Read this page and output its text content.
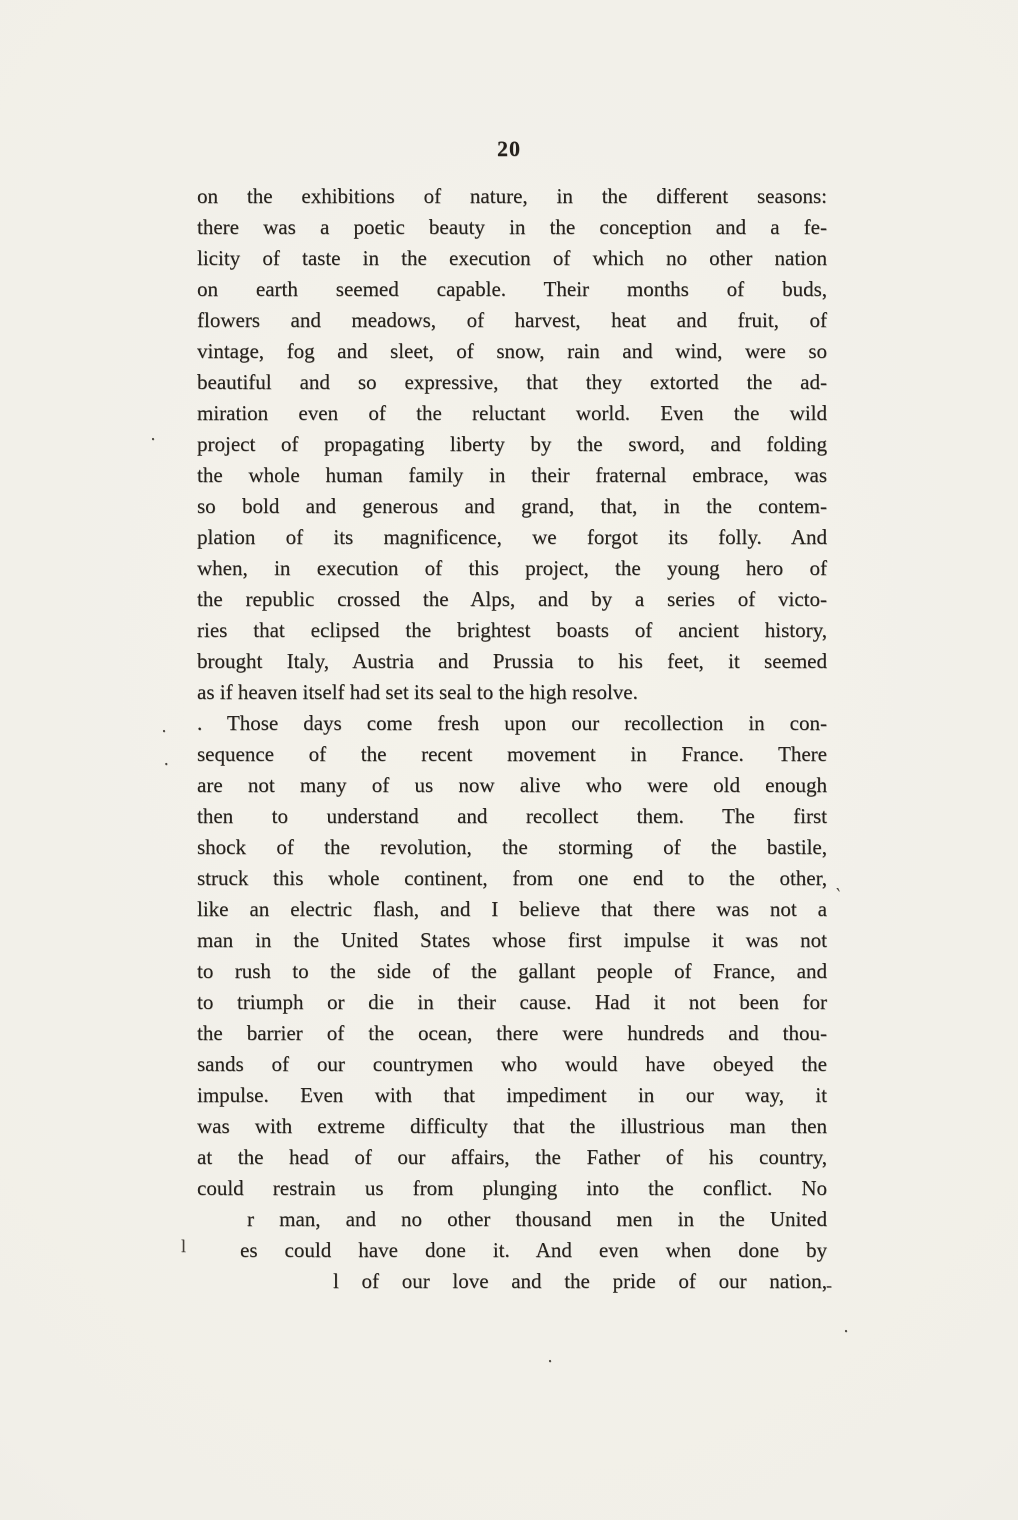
20
on the exhibitions of nature, in the different seasons:
there was a poetic beauty in the conception and a fe-
licity of taste in the execution of which no other nation
on earth seemed capable. Their months of buds,
flowers and meadows, of harvest, heat and fruit, of
vintage, fog and sleet, of snow, rain and wind, were so
beautiful and so expressive, that they extorted the ad-
miration even of the reluctant world. Even the wild
project of propagating liberty by the sword, and folding
the whole human family in their fraternal embrace, was
so bold and generous and grand, that, in the contem-
plation of its magnificence, we forgot its folly. And
when, in execution of this project, the young hero of
the republic crossed the Alps, and by a series of victo-
ries that eclipsed the brightest boasts of ancient history,
brought Italy, Austria and Prussia to his feet, it seemed
as if heaven itself had set its seal to the high resolve.
. Those days come fresh upon our recollection in con-
sequence of the recent movement in France. There
are not many of us now alive who were old enough
then to understand and recollect them. The first
shock of the revolution, the storming of the bastile,
struck this whole continent, from one end to the other,
like an electric flash, and I believe that there was not a
man in the United States whose first impulse it was not
to rush to the side of the gallant people of France, and
to triumph or die in their cause. Had it not been for
the barrier of the ocean, there were hundreds and thou-
sands of our countrymen who would have obeyed the
impulse. Even with that impediment in our way, it
was with extreme difficulty that the illustrious man then
at the head of our affairs, the Father of his country,
could restrain us from plunging into the conflict. No
r man, and no other thousand men in the United
es could have done it. And even when done by
l of our love and the pride of our nation,
·
·
.
‵
l
-
·
·
